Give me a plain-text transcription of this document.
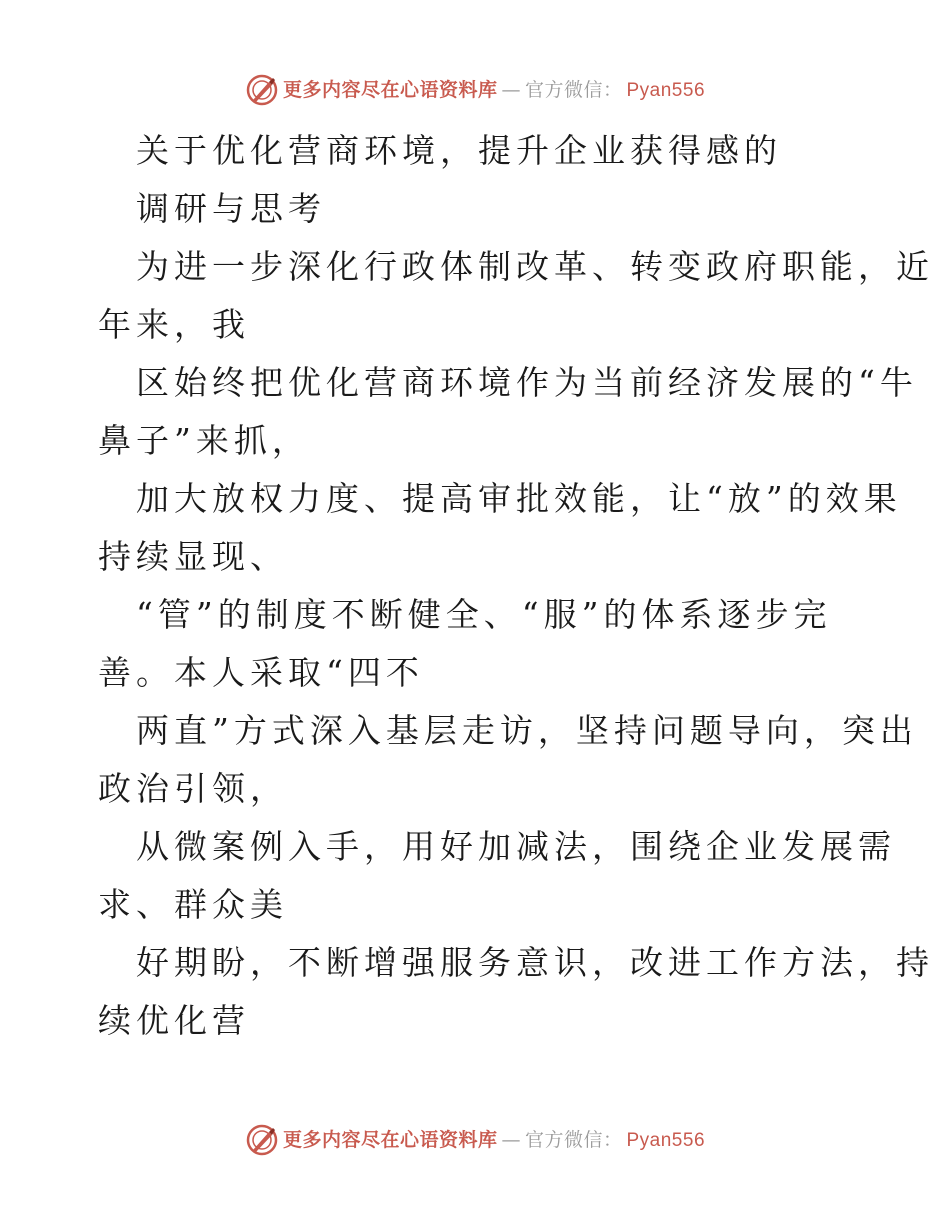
更多内容尽在心语资料库 — 官方微信： Pyan556
关于优化营商环境，提升企业获得感的
调研与思考
为进一步深化行政体制改革、转变政府职能，近
年来，我
区始终把优化营商环境作为当前经济发展的“牛
鼻子”来抓，
加大放权力度、提高审批效能，让“放”的效果
持续显现、
“管”的制度不断健全、“服”的体系逐步完
善。本人采取“四不
两直”方式深入基层走访，坚持问题导向，突出
政治引领，
从微案例入手，用好加减法，围绕企业发展需
求、群众美
好期盼，不断增强服务意识，改进工作方法，持
续优化营
更多内容尽在心语资料库 — 官方微信： Pyan556
